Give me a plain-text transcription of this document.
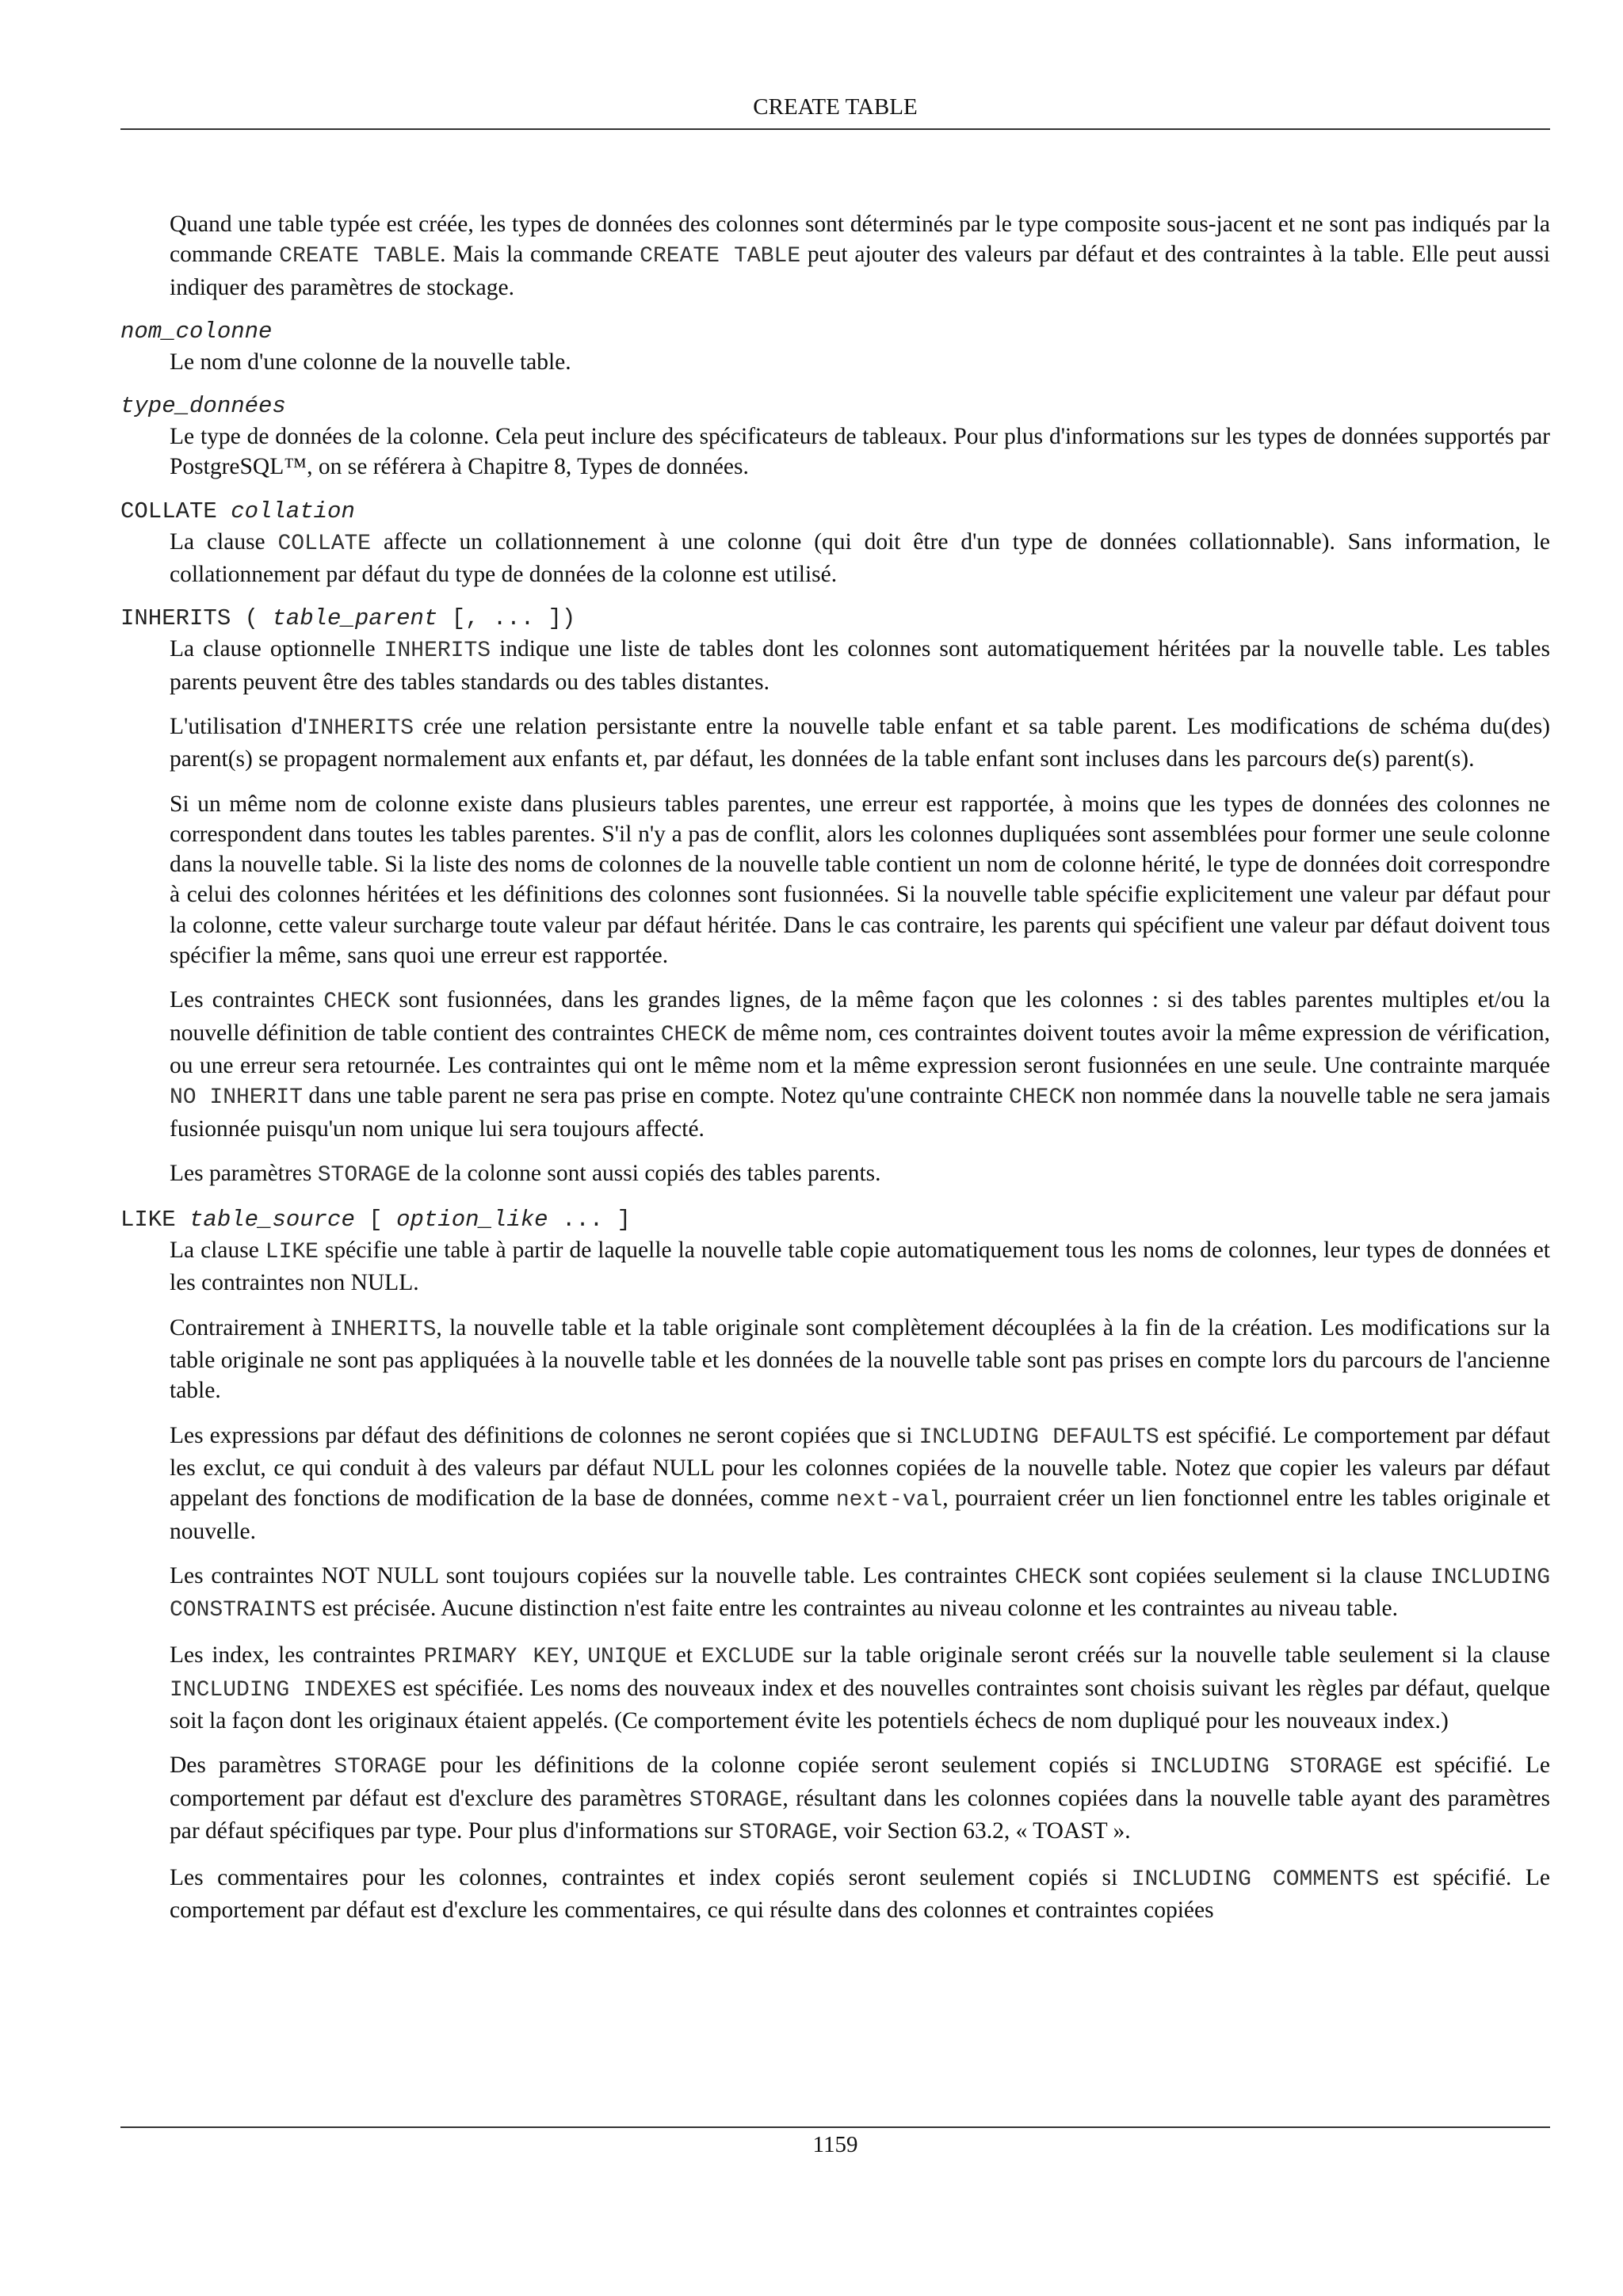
CREATE TABLE

Quand une table typée est créée, les types de données des colonnes sont déterminés par le type composite sous-jacent et ne sont pas indiqués par la commande CREATE TABLE. Mais la commande CREATE TABLE peut ajouter des valeurs par défaut et des contraintes à la table. Elle peut aussi indiquer des paramètres de stockage.

nom_colonne

Le nom d'une colonne de la nouvelle table.

type_données

Le type de données de la colonne. Cela peut inclure des spécificateurs de tableaux. Pour plus d'informations sur les types de données supportés par PostgreSQL™, on se référera à Chapitre 8, Types de données.

COLLATE collation

La clause COLLATE affecte un collationnement à une colonne (qui doit être d'un type de données collationnable). Sans information, le collationnement par défaut du type de données de la colonne est utilisé.

INHERITS ( table_parent [, ... ])

La clause optionnelle INHERITS indique une liste de tables dont les colonnes sont automatiquement héritées par la nouvelle table. Les tables parents peuvent être des tables standards ou des tables distantes.

L'utilisation d'INHERITS crée une relation persistante entre la nouvelle table enfant et sa table parent. Les modifications de schéma du(des) parent(s) se propagent normalement aux enfants et, par défaut, les données de la table enfant sont incluses dans les parcours de(s) parent(s).

Si un même nom de colonne existe dans plusieurs tables parentes, une erreur est rapportée, à moins que les types de données des colonnes ne correspondent dans toutes les tables parentes. S'il n'y a pas de conflit, alors les colonnes dupliquées sont assemblées pour former une seule colonne dans la nouvelle table. Si la liste des noms de colonnes de la nouvelle table contient un nom de colonne hérité, le type de données doit correspondre à celui des colonnes héritées et les définitions des colonnes sont fusionnées. Si la nouvelle table spécifie explicitement une valeur par défaut pour la colonne, cette valeur surcharge toute valeur par défaut héritée. Dans le cas contraire, les parents qui spécifient une valeur par défaut doivent tous spécifier la même, sans quoi une erreur est rapportée.

Les contraintes CHECK sont fusionnées, dans les grandes lignes, de la même façon que les colonnes : si des tables parentes multiples et/ou la nouvelle définition de table contient des contraintes CHECK de même nom, ces contraintes doivent toutes avoir la même expression de vérification, ou une erreur sera retournée. Les contraintes qui ont le même nom et la même expression seront fusionnées en une seule. Une contrainte marquée NO INHERIT dans une table parent ne sera pas prise en compte. Notez qu'une contrainte CHECK non nommée dans la nouvelle table ne sera jamais fusionnée puisqu'un nom unique lui sera toujours affecté.

Les paramètres STORAGE de la colonne sont aussi copiés des tables parents.

LIKE table_source [ option_like ... ]

La clause LIKE spécifie une table à partir de laquelle la nouvelle table copie automatiquement tous les noms de colonnes, leur types de données et les contraintes non NULL.

Contrairement à INHERITS, la nouvelle table et la table originale sont complètement découplées à la fin de la création. Les modifications sur la table originale ne sont pas appliquées à la nouvelle table et les données de la nouvelle table sont pas prises en compte lors du parcours de l'ancienne table.

Les expressions par défaut des définitions de colonnes ne seront copiées que si INCLUDING DEFAULTS est spécifié. Le comportement par défaut les exclut, ce qui conduit à des valeurs par défaut NULL pour les colonnes copiées de la nouvelle table. Notez que copier les valeurs par défaut appelant des fonctions de modification de la base de données, comme next-val, pourraient créer un lien fonctionnel entre les tables originale et nouvelle.

Les contraintes NOT NULL sont toujours copiées sur la nouvelle table. Les contraintes CHECK sont copiées seulement si la clause INCLUDING CONSTRAINTS est précisée. Aucune distinction n'est faite entre les contraintes au niveau colonne et les contraintes au niveau table.

Les index, les contraintes PRIMARY KEY, UNIQUE et EXCLUDE sur la table originale seront créés sur la nouvelle table seulement si la clause INCLUDING INDEXES est spécifiée. Les noms des nouveaux index et des nouvelles contraintes sont choisis suivant les règles par défaut, quelque soit la façon dont les originaux étaient appelés. (Ce comportement évite les potentiels échecs de nom dupliqué pour les nouveaux index.)

Des paramètres STORAGE pour les définitions de la colonne copiée seront seulement copiés si INCLUDING STORAGE est spécifié. Le comportement par défaut est d'exclure des paramètres STORAGE, résultant dans les colonnes copiées dans la nouvelle table ayant des paramètres par défaut spécifiques par type. Pour plus d'informations sur STORAGE, voir Section 63.2, « TOAST ».

Les commentaires pour les colonnes, contraintes et index copiés seront seulement copiés si INCLUDING COMMENTS est spécifié. Le comportement par défaut est d'exclure les commentaires, ce qui résulte dans des colonnes et contraintes copiées

1159
